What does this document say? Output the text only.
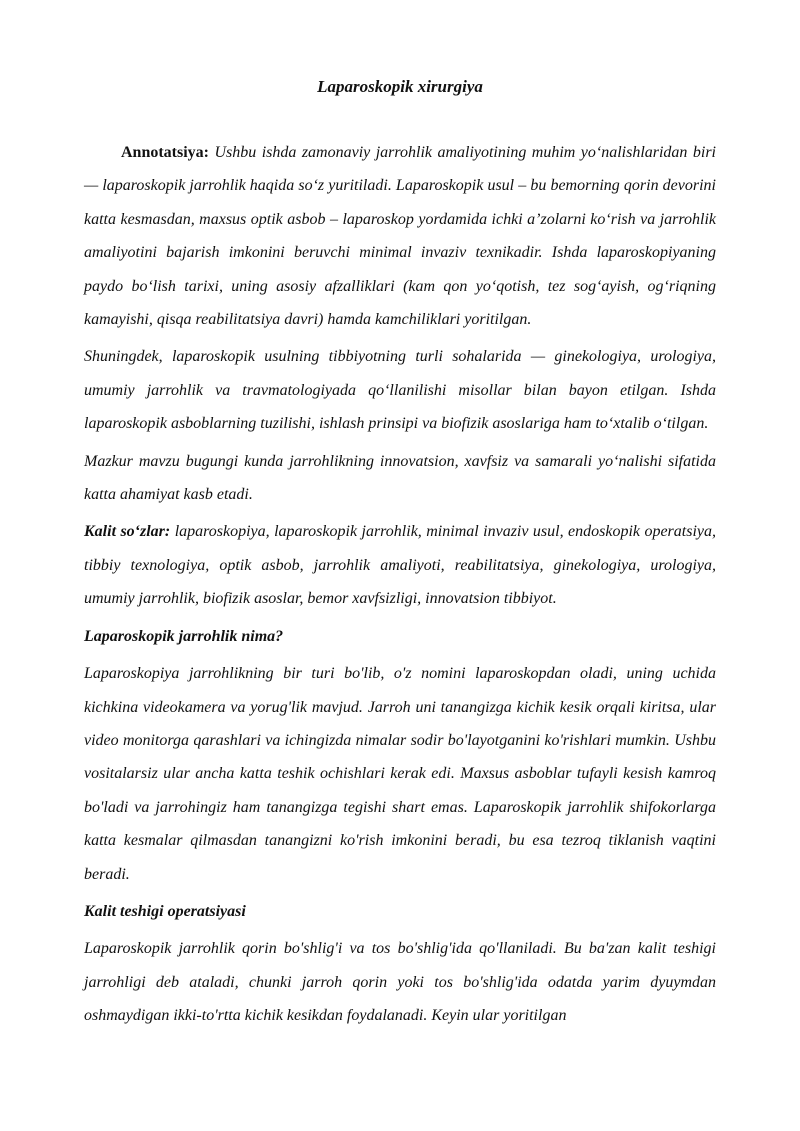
Laparoskopik xirurgiya

Annotatsiya: Ushbu ishda zamonaviy jarrohlik amaliyotining muhim yo‘nalishlaridan biri — laparoskopik jarrohlik haqida so‘z yuritiladi. Laparoskopik usul – bu bemorning qorin devorini katta kesmasdan, maxsus optik asbob – laparoskop yordamida ichki a’zolarni ko‘rish va jarrohlik amaliyotini bajarish imkonini beruvchi minimal invaziv texnikadir. Ishda laparoskopiyaning paydo bo‘lish tarixi, uning asosiy afzalliklari (kam qon yo‘qotish, tez sog‘ayish, og‘riqning kamayishi, qisqa reabilitatsiya davri) hamda kamchiliklari yoritilgan.

Shuningdek, laparoskopik usulning tibbiyotning turli sohalarida — ginekologiya, urologiya, umumiy jarrohlik va travmatologiyada qo‘llanilishi misollar bilan bayon etilgan. Ishda laparoskopik asboblarning tuzilishi, ishlash prinsipi va biofizik asoslariga ham to‘xtalib o‘tilgan.

Mazkur mavzu bugungi kunda jarrohlikning innovatsion, xavfsiz va samarali yo‘nalishi sifatida katta ahamiyat kasb etadi.

Kalit so‘zlar: laparoskopiya, laparoskopik jarrohlik, minimal invaziv usul, endoskopik operatsiya, tibbiy texnologiya, optik asbob, jarrohlik amaliyoti, reabilitatsiya, ginekologiya, urologiya, umumiy jarrohlik, biofizik asoslar, bemor xavfsizligi, innovatsion tibbiyot.

Laparoskopik jarrohlik nima?

Laparoskopiya jarrohlikning bir turi bo'lib, o'z nomini laparoskopdan oladi, uning uchida kichkina videokamera va yorug'lik mavjud. Jarroh uni tanangizga kichik kesik orqali kiritsa, ular video monitorga qarashlari va ichingizda nimalar sodir bo'layotganini ko'rishlari mumkin. Ushbu vositalarsiz ular ancha katta teshik ochishlari kerak edi. Maxsus asboblar tufayli kesish kamroq bo'ladi va jarrohingiz ham tanangizga tegishi shart emas. Laparoskopik jarrohlik shifokorlarga katta kesmalar qilmasdan tanangizni ko'rish imkonini beradi, bu esa tezroq tiklanish vaqtini beradi.

Kalit teshigi operatsiyasi

Laparoskopik jarrohlik qorin bo'shlig'i va tos bo'shlig'ida qo'llaniladi. Bu ba'zan kalit teshigi jarrohligi deb ataladi, chunki jarroh qorin yoki tos bo'shlig'ida odatda yarim dyuymdan oshmaydigan ikki-to'rtta kichik kesikdan foydalanadi. Keyin ular yoritilgan
